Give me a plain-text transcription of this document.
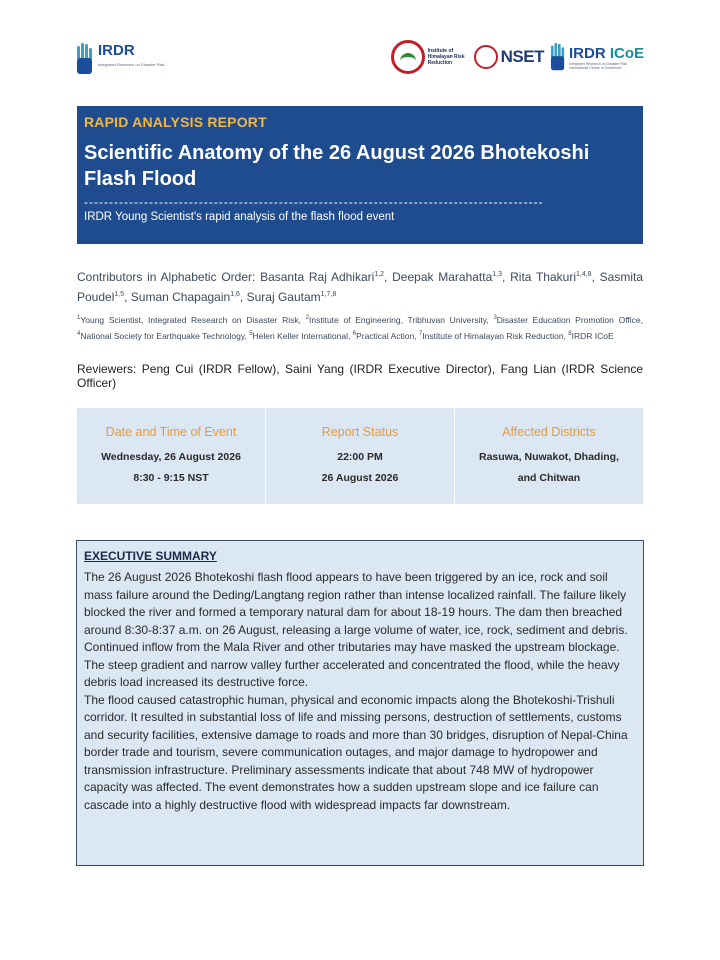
IRDR
Integrated Research on Disaster Risk
Institute of Himalayan Risk Reduction	NSET IRDR ICoE
Integrated Research on Disaster Risk International Centre of Excellence
RAPID ANALYSIS REPORT
Scientific Anatomy of the 26 August 2026 Bhotekoshi Flash Flood
--------------------------------------------------------------------------------------------
IRDR Young Scientist's rapid analysis of the flash flood event
Contributors in Alphabetic Order: Basanta Raj Adhikari$^{1,2}$, Deepak Marahatta$^{1,3}$, Rita Thakuri$^{1,4,8}$, Sasmita Poudel$^{1,5}$, Suman Chapagain$^{1,6}$, Suraj Gautam$^{1,7,8}$
$^1$Young Scientist, Integrated Research on Disaster Risk, $^2$Institute of Engineering, Tribhuvan University, $^3$Disaster Education Promotion Office, $^4$National Society for Earthquake Technology, $^5$Helen Keller International, $^6$Practical Action, $^7$Institute of Himalayan Risk Reduction, $^8$IRDR ICoE
Reviewers: Peng Cui (IRDR Fellow), Saini Yang (IRDR Executive Director), Fang Lian (IRDR Science Officer)
Date and Time of Event
Wednesday, 26 August 2026
8:30 - 9:15 NST
Report Status
22:00 PM
26 August 2026
Affected Districts
Rasuwa, Nuwakot, Dhading,
and Chitwan
EXECUTIVE SUMMARY
The 26 August 2026 Bhotekoshi flash flood appears to have been triggered by an ice, rock and soil mass failure around the Deding/Langtang region rather than intense localized rainfall. The failure likely blocked the river and formed a temporary natural dam for about 18-19 hours. The dam then breached around 8:30-8:37 a.m. on 26 August, releasing a large volume of water, ice, rock, sediment and debris. Continued inflow from the Mala River and other tributaries may have masked the upstream blockage. The steep gradient and narrow valley further accelerated and concentrated the flood, while the heavy debris load increased its destructive force.
The flood caused catastrophic human, physical and economic impacts along the Bhotekoshi-Trishuli corridor. It resulted in substantial loss of life and missing persons, destruction of settlements, customs and security facilities, extensive damage to roads and more than 30 bridges, disruption of Nepal-China border trade and tourism, severe communication outages, and major damage to hydropower and transmission infrastructure. Preliminary assessments indicate that about 748 MW of hydropower capacity was affected. The event demonstrates how a sudden upstream slope and ice failure can cascade into a highly destructive flood with widespread impacts far downstream.
